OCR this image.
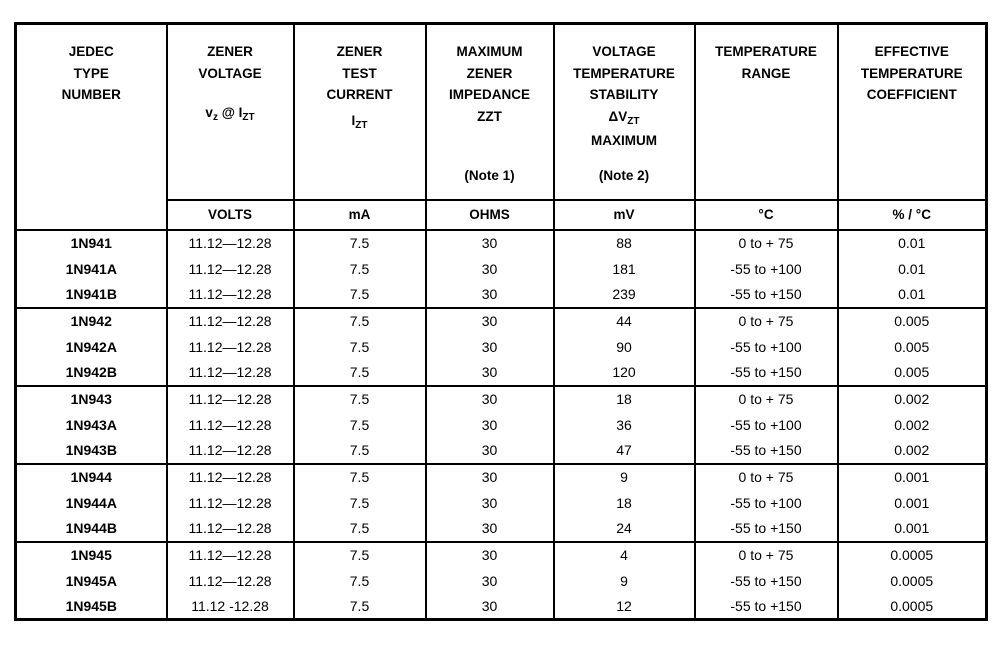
JEDEC
TYPE
NUMBER

ZENER
VOLTAGE
$v_z$ @ $I_{ZT}$

ZENER
TEST
CURRENT
$I_{ZT}$

MAXIMUM
ZENER
IMPEDANCE
ZZT
(Note 1)

VOLTAGE
TEMPERATURE
STABILITY
$\Delta V_{ZT}$
MAXIMUM
(Note 2)

TEMPERATURE
RANGE

EFFECTIVE
TEMPERATURE
COEFFICIENT

	VOLTS	mA	OHMS	mV	°C	% / °C
1N941	11.12—12.28	7.5	30	88	0 to + 75	0.01
1N941A	11.12—12.28	7.5	30	181	-55 to +100	0.01
1N941B	11.12—12.28	7.5	30	239	-55 to +150	0.01
1N942	11.12—12.28	7.5	30	44	0 to + 75	0.005
1N942A	11.12—12.28	7.5	30	90	-55 to +100	0.005
1N942B	11.12—12.28	7.5	30	120	-55 to +150	0.005
1N943	11.12—12.28	7.5	30	18	0 to + 75	0.002
1N943A	11.12—12.28	7.5	30	36	-55 to +100	0.002
1N943B	11.12—12.28	7.5	30	47	-55 to +150	0.002
1N944	11.12—12.28	7.5	30	9	0 to + 75	0.001
1N944A	11.12—12.28	7.5	30	18	-55 to +100	0.001
1N944B	11.12—12.28	7.5	30	24	-55 to +150	0.001
1N945	11.12—12.28	7.5	30	4	0 to + 75	0.0005
1N945A	11.12—12.28	7.5	30	9	-55 to +150	0.0005
1N945B	11.12 -12.28	7.5	30	12	-55 to +150	0.0005
